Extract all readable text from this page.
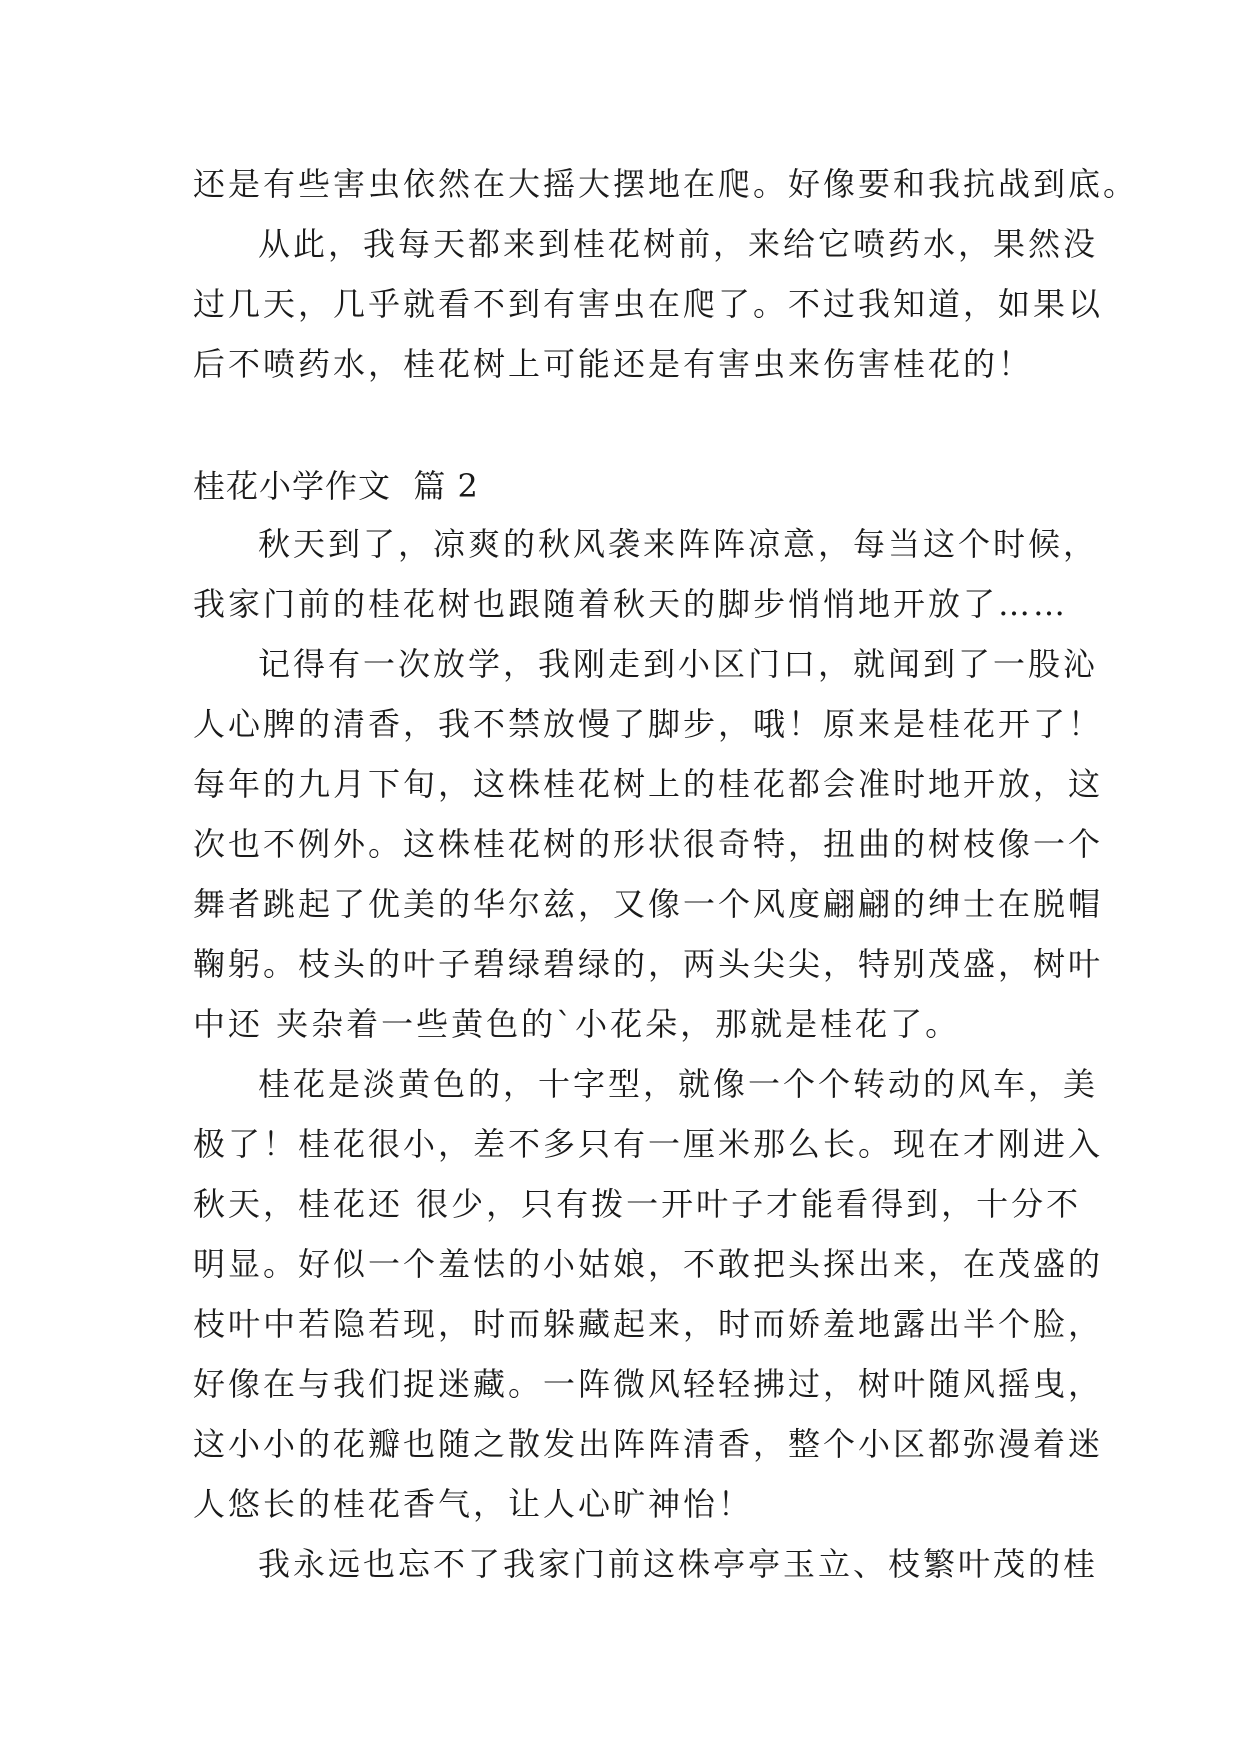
还是有些害虫依然在大摇大摆地在爬。好像要和我抗战到底。
从此，我每天都来到桂花树前，来给它喷药水，果然没
过几天，几乎就看不到有害虫在爬了。不过我知道，如果以
后不喷药水，桂花树上可能还是有害虫来伤害桂花的！
桂花小学作文  篇 2
秋天到了，凉爽的秋风袭来阵阵凉意，每当这个时候，
我家门前的桂花树也跟随着秋天的脚步悄悄地开放了……
记得有一次放学，我刚走到小区门口，就闻到了一股沁
人心脾的清香，我不禁放慢了脚步，哦！原来是桂花开了！
每年的九月下旬，这株桂花树上的桂花都会准时地开放，这
次也不例外。这株桂花树的形状很奇特，扭曲的树枝像一个
舞者跳起了优美的华尔兹，又像一个风度翩翩的绅士在脱帽
鞠躬。枝头的叶子碧绿碧绿的，两头尖尖，特别茂盛，树叶
中还 夹杂着一些黄色的`小花朵，那就是桂花了。
桂花是淡黄色的，十字型，就像一个个转动的风车，美
极了！桂花很小，差不多只有一厘米那么长。现在才刚进入
秋天，桂花还 很少，只有拨一开叶子才能看得到，十分不
明显。好似一个羞怯的小姑娘，不敢把头探出来，在茂盛的
枝叶中若隐若现，时而躲藏起来，时而娇羞地露出半个脸，
好像在与我们捉迷藏。一阵微风轻轻拂过，树叶随风摇曳，
这小小的花瓣也随之散发出阵阵清香，整个小区都弥漫着迷
人悠长的桂花香气，让人心旷神怡！
我永远也忘不了我家门前这株亭亭玉立、枝繁叶茂的桂
